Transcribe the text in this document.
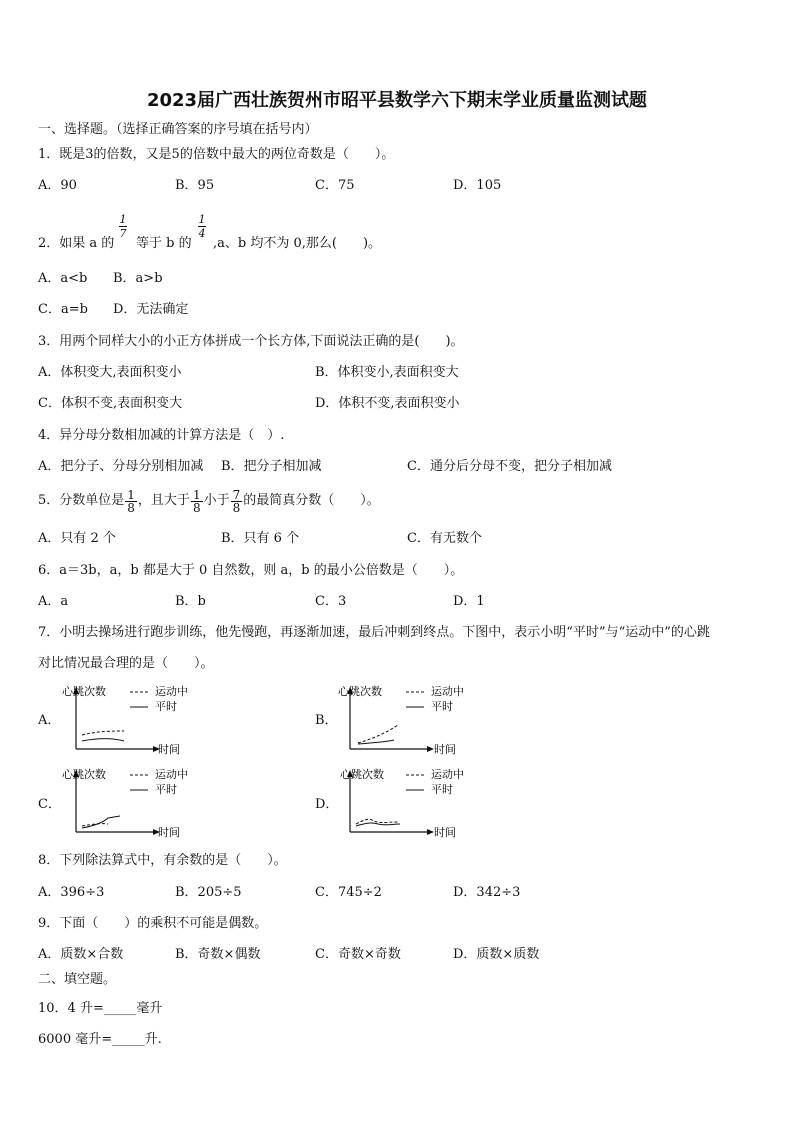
2023届广西壮族贺州市昭平县数学六下期末学业质量监测试题
一、选择题。（选择正确答案的序号填在括号内）
1．既是3的倍数，又是5的倍数中最大的两位奇数是（　　）。
A．90	B．95	C．75	D．105
2．如果 a 的
1
7
等于 b 的
1
4
,a、b 均不为 0,那么(　　)。
A．a<b B．a>b
C．a=b D．无法确定
3．用两个同样大小的小正方体拼成一个长方体,下面说法正确的是(　　)。
A．体积变大,表面积变小	B．体积变小,表面积变大
C．体积不变,表面积变大	D．体积不变,表面积变小
4．异分母分数相加减的计算方法是（　）.
A．把分子、分母分别相加减 B．把分子相加减	C．通分后分母不变，把分子相加减
5．分数单位是 $\frac{1}{8}$ ，且大于 $\frac{1}{8}$ 小于 $\frac{7}{8}$ 的最简真分数（　　）。
A．只有 2 个	B．只有 6 个	C．有无数个
6．a＝3b，a，b 都是大于 0 自然数，则 a，b 的最小公倍数是（　　）。
A．a	B．b	C．3	D．1
7．小明去操场进行跑步训练，他先慢跑，再逐渐加速，最后冲刺到终点。下图中，表示小明“平时”与“运动中”的心跳
对比情况最合理的是（　　）。
A．	B．
C．	D．
心跳次数
时间
运动中
平时
心跳次数
时间
运动中
平时
心跳次数
时间
运动中
平时
心跳次数
时间
运动中
平时
8．下列除法算式中，有余数的是（　　）。
A．396÷3	B．205÷5	C．745÷2	D．342÷3
9．下面（　　）的乘积不可能是偶数。
A．质数×合数	B．奇数×偶数	C．奇数×奇数	D．质数×质数
二、填空题。
10．4 升=_____毫升
6000 毫升=_____升.
